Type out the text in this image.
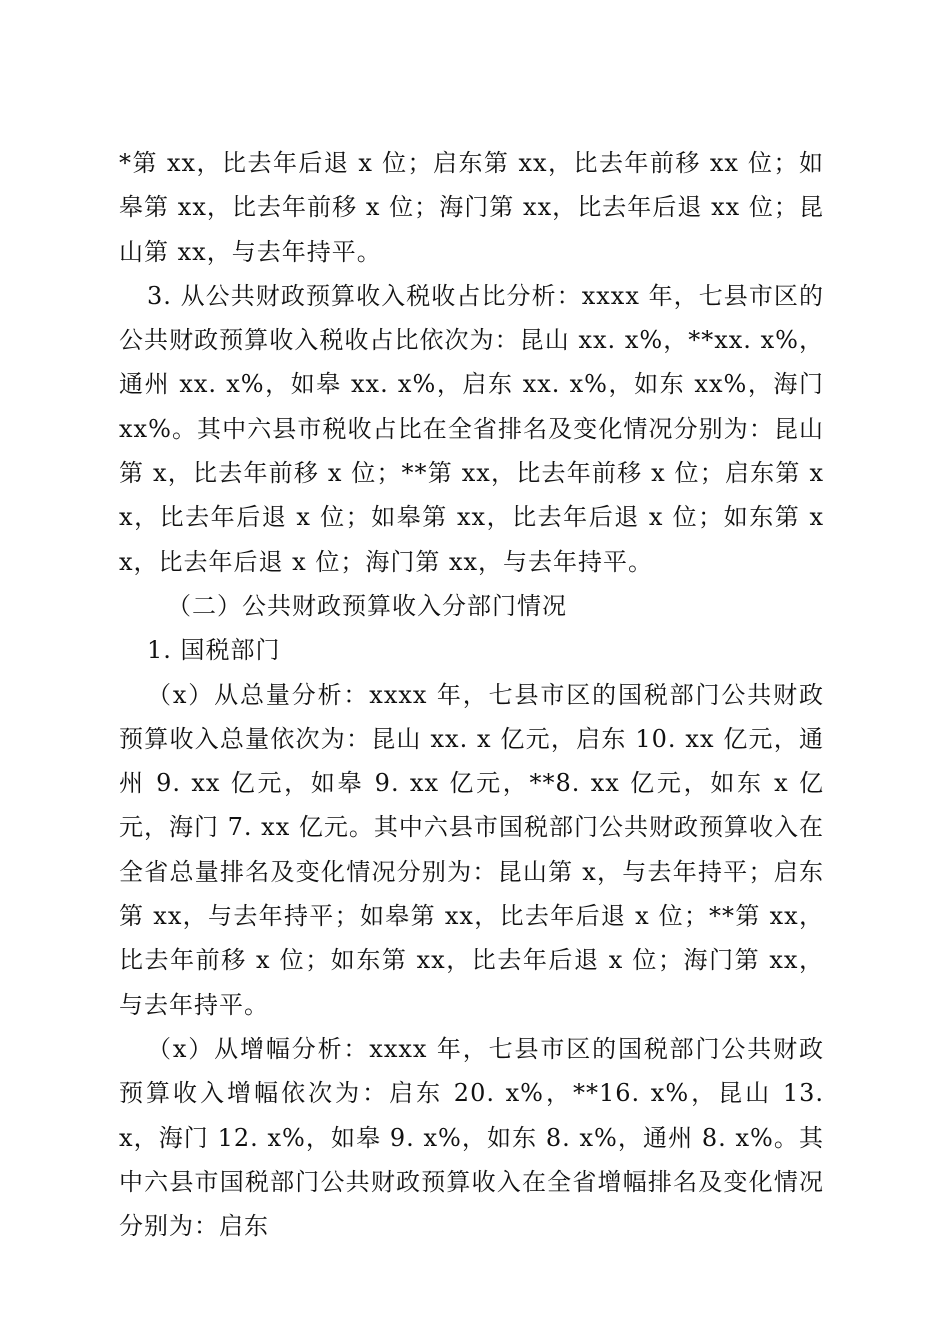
*第 xx，比去年后退 x 位；启东第 xx，比去年前移 xx 位；如皋第 xx，比去年前移 x 位；海门第 xx，比去年后退 xx 位；昆山第 xx，与去年持平。

3. 从公共财政预算收入税收占比分析：xxxx 年，七县市区的公共财政预算收入税收占比依次为：昆山 xx. x%，**xx. x%，通州 xx. x%，如皋 xx. x%，启东 xx. x%，如东 xx%，海门 xx%。其中六县市税收占比在全省排名及变化情况分别为：昆山第 x，比去年前移 x 位；**第 xx，比去年前移 x 位；启东第 xx，比去年后退 x 位；如皋第 xx，比去年后退 x 位；如东第 xx，比去年后退 x 位；海门第 xx，与去年持平。

（二）公共财政预算收入分部门情况

1. 国税部门

（x）从总量分析：xxxx 年，七县市区的国税部门公共财政预算收入总量依次为：昆山 xx. x 亿元，启东 10. xx 亿元，通州 9. xx 亿元，如皋 9. xx 亿元，**8. xx 亿元，如东 x 亿元，海门 7. xx 亿元。其中六县市国税部门公共财政预算收入在全省总量排名及变化情况分别为：昆山第 x，与去年持平；启东第 xx，与去年持平；如皋第 xx，比去年后退 x 位；**第 xx，比去年前移 x 位；如东第 xx，比去年后退 x 位；海门第 xx，与去年持平。

（x）从增幅分析：xxxx 年，七县市区的国税部门公共财政预算收入增幅依次为：启东 20. x%，**16. x%，昆山 13. x，海门 12. x%，如皋 9. x%，如东 8. x%，通州 8. x%。其中六县市国税部门公共财政预算收入在全省增幅排名及变化情况分别为：启东
